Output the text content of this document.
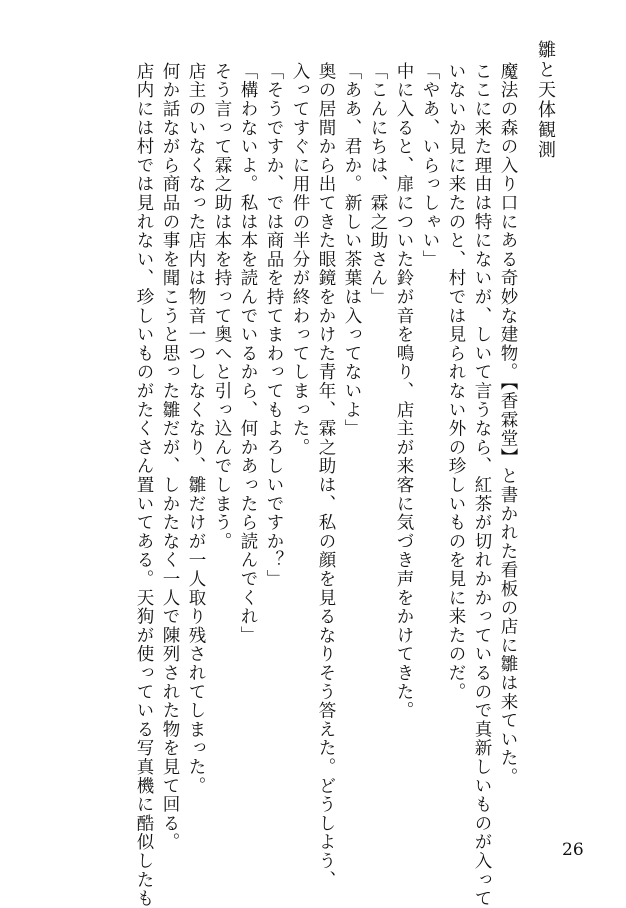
雛と天体観測
魔法の森の入り口にある奇妙な建物。【香霖堂】と書かれた看板の店に雛は来ていた。
ここに来た理由は特にないが、しいて言うなら、紅茶が切れかかっているので真新しいものが入って
いないか見に来たのと、村では見られない外の珍しいものを見に来たのだ。
「やあ、いらっしゃい」
中に入ると、扉についた鈴が音を鳴り、店主が来客に気づき声をかけてきた。
「こんにちは、霖之助さん」
「ああ、君か。新しい茶葉は入ってないよ」
奥の居間から出てきた眼鏡をかけた青年、霖之助は、私の顔を見るなりそう答えた。どうしよう、
入ってすぐに用件の半分が終わってしまった。
「そうですか、では商品を持てまわってもよろしいですか？」
「構わないよ。私は本を読んでいるから、何かあったら読んでくれ」
そう言って霖之助は本を持って奥へと引っ込んでしまう。
店主のいなくなった店内は物音一つしなくなり、雛だけが一人取り残されてしまった。
何か話ながら商品の事を聞こうと思った雛だが、しかたなく一人で陳列された物を見て回る。
店内には村では見れない、珍しいものがたくさん置いてある。天狗が使っている写真機に酷似したも	26
